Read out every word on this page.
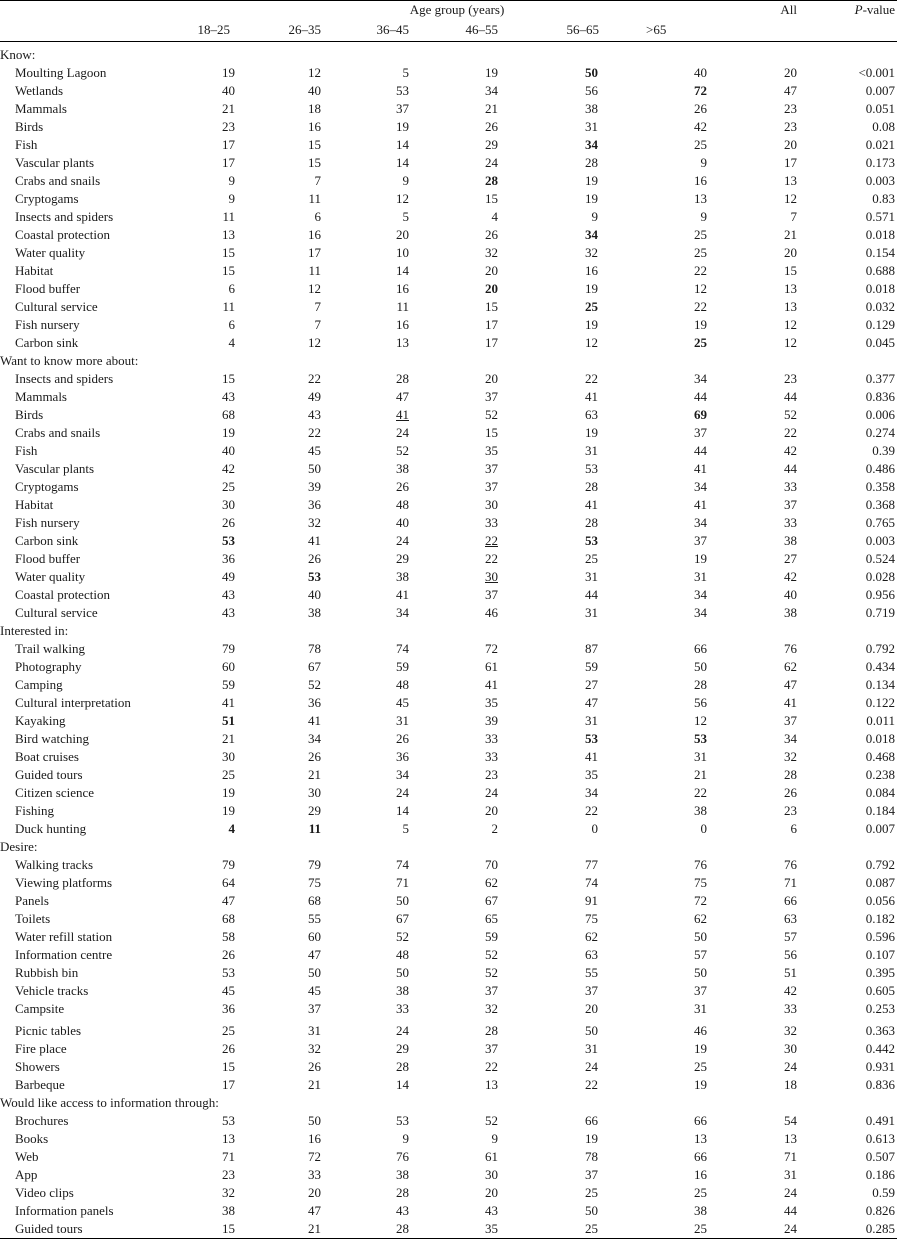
	Age group (years)						All	P-value
	18–25	26–35	36–45	46–55	56–65	>65		
Know:								
Moulting Lagoon	19	12	5	19	50	40	20	<0.001
Wetlands	40	40	53	34	56	72	47	0.007
Mammals	21	18	37	21	38	26	23	0.051
Birds	23	16	19	26	31	42	23	0.08
Fish	17	15	14	29	34	25	20	0.021
Vascular plants	17	15	14	24	28	9	17	0.173
Crabs and snails	9	7	9	28	19	16	13	0.003
Cryptogams	9	11	12	15	19	13	12	0.83
Insects and spiders	11	6	5	4	9	9	7	0.571
Coastal protection	13	16	20	26	34	25	21	0.018
Water quality	15	17	10	32	32	25	20	0.154
Habitat	15	11	14	20	16	22	15	0.688
Flood buffer	6	12	16	20	19	12	13	0.018
Cultural service	11	7	11	15	25	22	13	0.032
Fish nursery	6	7	16	17	19	19	12	0.129
Carbon sink	4	12	13	17	12	25	12	0.045
Want to know more about:								
Insects and spiders	15	22	28	20	22	34	23	0.377
Mammals	43	49	47	37	41	44	44	0.836
Birds	68	43	41	52	63	69	52	0.006
Crabs and snails	19	22	24	15	19	37	22	0.274
Fish	40	45	52	35	31	44	42	0.39
Vascular plants	42	50	38	37	53	41	44	0.486
Cryptogams	25	39	26	37	28	34	33	0.358
Habitat	30	36	48	30	41	41	37	0.368
Fish nursery	26	32	40	33	28	34	33	0.765
Carbon sink	53	41	24	22	53	37	38	0.003
Flood buffer	36	26	29	22	25	19	27	0.524
Water quality	49	53	38	30	31	31	42	0.028
Coastal protection	43	40	41	37	44	34	40	0.956
Cultural service	43	38	34	46	31	34	38	0.719
Interested in:								
Trail walking	79	78	74	72	87	66	76	0.792
Photography	60	67	59	61	59	50	62	0.434
Camping	59	52	48	41	27	28	47	0.134
Cultural interpretation	41	36	45	35	47	56	41	0.122
Kayaking	51	41	31	39	31	12	37	0.011
Bird watching	21	34	26	33	53	53	34	0.018
Boat cruises	30	26	36	33	41	31	32	0.468
Guided tours	25	21	34	23	35	21	28	0.238
Citizen science	19	30	24	24	34	22	26	0.084
Fishing	19	29	14	20	22	38	23	0.184
Duck hunting	4	11	5	2	0	0	6	0.007
Desire:								
Walking tracks	79	79	74	70	77	76	76	0.792
Viewing platforms	64	75	71	62	74	75	71	0.087
Panels	47	68	50	67	91	72	66	0.056
Toilets	68	55	67	65	75	62	63	0.182
Water refill station	58	60	52	59	62	50	57	0.596
Information centre	26	47	48	52	63	57	56	0.107
Rubbish bin	53	50	50	52	55	50	51	0.395
Vehicle tracks	45	45	38	37	37	37	42	0.605
Campsite	36	37	33	32	20	31	33	0.253

Picnic tables	25	31	24	28	50	46	32	0.363
Fire place	26	32	29	37	31	19	30	0.442
Showers	15	26	28	22	24	25	24	0.931
Barbeque	17	21	14	13	22	19	18	0.836
Would like access to information through:								
Brochures	53	50	53	52	66	66	54	0.491
Books	13	16	9	9	19	13	13	0.613
Web	71	72	76	61	78	66	71	0.507
App	23	33	38	30	37	16	31	0.186
Video clips	32	20	28	20	25	25	24	0.59
Information panels	38	47	43	43	50	38	44	0.826
Guided tours	15	21	28	35	25	25	24	0.285
